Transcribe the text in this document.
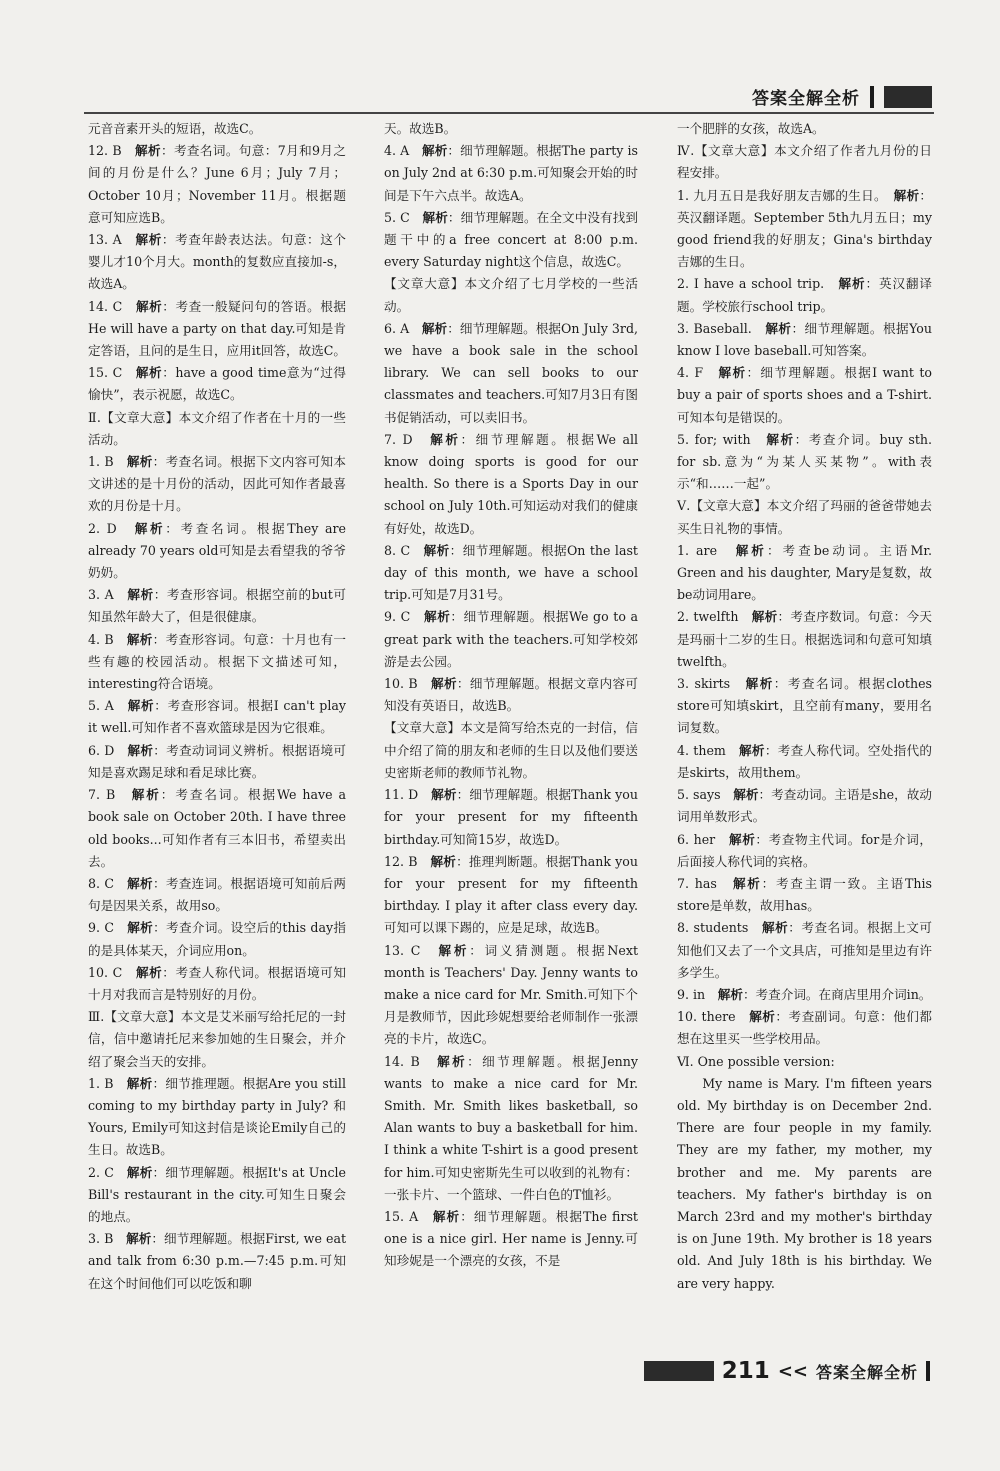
答案全解全析

元音音素开头的短语，故选C。

12. B　解析：考查名词。句意：7月和9月之间的月份是什么？June 6月；July 7月；October 10月；November 11月。根据题意可知应选B。

13. A　解析：考查年龄表达法。句意：这个婴儿才10个月大。month的复数应直接加-s，故选A。

14. C　解析：考查一般疑问句的答语。根据He will have a party on that day.可知是肯定答语，且问的是生日，应用it回答，故选C。

15. C　解析：have a good time意为“过得愉快”，表示祝愿，故选C。

Ⅱ.【文章大意】本文介绍了作者在十月的一些活动。

1. B　解析：考查名词。根据下文内容可知本文讲述的是十月份的活动，因此可知作者最喜欢的月份是十月。

2. D　解析：考查名词。根据They are already 70 years old可知是去看望我的爷爷奶奶。

3. A　解析：考查形容词。根据空前的but可知虽然年龄大了，但是很健康。

4. B　解析：考查形容词。句意：十月也有一些有趣的校园活动。根据下文描述可知，interesting符合语境。

5. A　解析：考查形容词。根据I can't play it well.可知作者不喜欢篮球是因为它很难。

6. D　解析：考查动词词义辨析。根据语境可知是喜欢踢足球和看足球比赛。

7. B　解析：考查名词。根据We have a book sale on October 20th. I have three old books...可知作者有三本旧书，希望卖出去。

8. C　解析：考查连词。根据语境可知前后两句是因果关系，故用so。

9. C　解析：考查介词。设空后的this day指的是具体某天，介词应用on。

10. C　解析：考查人称代词。根据语境可知十月对我而言是特别好的月份。

Ⅲ.【文章大意】本文是艾米丽写给托尼的一封信，信中邀请托尼来参加她的生日聚会，并介绍了聚会当天的安排。

1. B　解析：细节推理题。根据Are you still coming to my birthday party in July? 和Yours, Emily可知这封信是谈论Emily自己的生日。故选B。

2. C　解析：细节理解题。根据It's at Uncle Bill's restaurant in the city.可知生日聚会的地点。

3. B　解析：细节理解题。根据First, we eat and talk from 6:30 p.m.—7:45 p.m.可知在这个时间他们可以吃饭和聊

天。故选B。

4. A　解析：细节理解题。根据The party is on July 2nd at 6:30 p.m.可知聚会开始的时间是下午六点半。故选A。

5. C　解析：细节理解题。在全文中没有找到题干中的a free concert at 8:00 p.m. every Saturday night这个信息，故选C。

【文章大意】本文介绍了七月学校的一些活动。

6. A　解析：细节理解题。根据On July 3rd, we have a book sale in the school library. We can sell books to our classmates and teachers.可知7月3日有图书促销活动，可以卖旧书。

7. D　解析：细节理解题。根据We all know doing sports is good for our health. So there is a Sports Day in our school on July 10th.可知运动对我们的健康有好处，故选D。

8. C　解析：细节理解题。根据On the last day of this month, we have a school trip.可知是7月31号。

9. C　解析：细节理解题。根据We go to a great park with the teachers.可知学校郊游是去公园。

10. B　解析：细节理解题。根据文章内容可知没有英语日，故选B。

【文章大意】本文是简写给杰克的一封信，信中介绍了简的朋友和老师的生日以及他们要送史密斯老师的教师节礼物。

11. D　解析：细节理解题。根据Thank you for your present for my fifteenth birthday.可知简15岁，故选D。

12. B　解析：推理判断题。根据Thank you for your present for my fifteenth birthday. I play it after class every day.可知可以课下踢的，应是足球，故选B。

13. C　解析：词义猜测题。根据Next month is Teachers' Day. Jenny wants to make a nice card for Mr. Smith.可知下个月是教师节，因此珍妮想要给老师制作一张漂亮的卡片，故选C。

14. B　解析：细节理解题。根据Jenny wants to make a nice card for Mr. Smith. Mr. Smith likes basketball, so Alan wants to buy a basketball for him. I think a white T-shirt is a good present for him.可知史密斯先生可以收到的礼物有：一张卡片、一个篮球、一件白色的T恤衫。

15. A　解析：细节理解题。根据The first one is a nice girl. Her name is Jenny.可知珍妮是一个漂亮的女孩，不是

一个肥胖的女孩，故选A。

Ⅳ.【文章大意】本文介绍了作者九月份的日程安排。

1. 九月五日是我好朋友吉娜的生日。　解析：英汉翻译题。September 5th九月五日；my good friend我的好朋友；Gina's birthday吉娜的生日。

2. I have a school trip.　解析：英汉翻译题。学校旅行school trip。

3. Baseball.　解析：细节理解题。根据You know I love baseball.可知答案。

4. F　解析：细节理解题。根据I want to buy a pair of sports shoes and a T-shirt.可知本句是错误的。

5. for; with　解析：考查介词。buy sth. for sb.意为“为某人买某物”。with表示“和……一起”。

Ⅴ.【文章大意】本文介绍了玛丽的爸爸带她去买生日礼物的事情。

1. are　解析：考查be动词。主语Mr. Green and his daughter, Mary是复数，故be动词用are。

2. twelfth　解析：考查序数词。句意：今天是玛丽十二岁的生日。根据选词和句意可知填twelfth。

3. skirts　解析：考查名词。根据clothes store可知填skirt，且空前有many，要用名词复数。

4. them　解析：考查人称代词。空处指代的是skirts，故用them。

5. says　解析：考查动词。主语是she，故动词用单数形式。

6. her　解析：考查物主代词。for是介词，后面接人称代词的宾格。

7. has　解析：考查主谓一致。主语This store是单数，故用has。

8. students　解析：考查名词。根据上文可知他们又去了一个文具店，可推知是里边有许多学生。

9. in　解析：考查介词。在商店里用介词in。

10. there　解析：考查副词。句意：他们都想在这里买一些学校用品。

Ⅵ. One possible version:

My name is Mary. I'm fifteen years old. My birthday is on December 2nd. There are four people in my family. They are my father, my mother, my brother and me. My parents are teachers. My father's birthday is on March 23rd and my mother's birthday is on June 19th. My brother is 18 years old. And July 18th is his birthday. We are very happy.

211 << 答案全解全析
